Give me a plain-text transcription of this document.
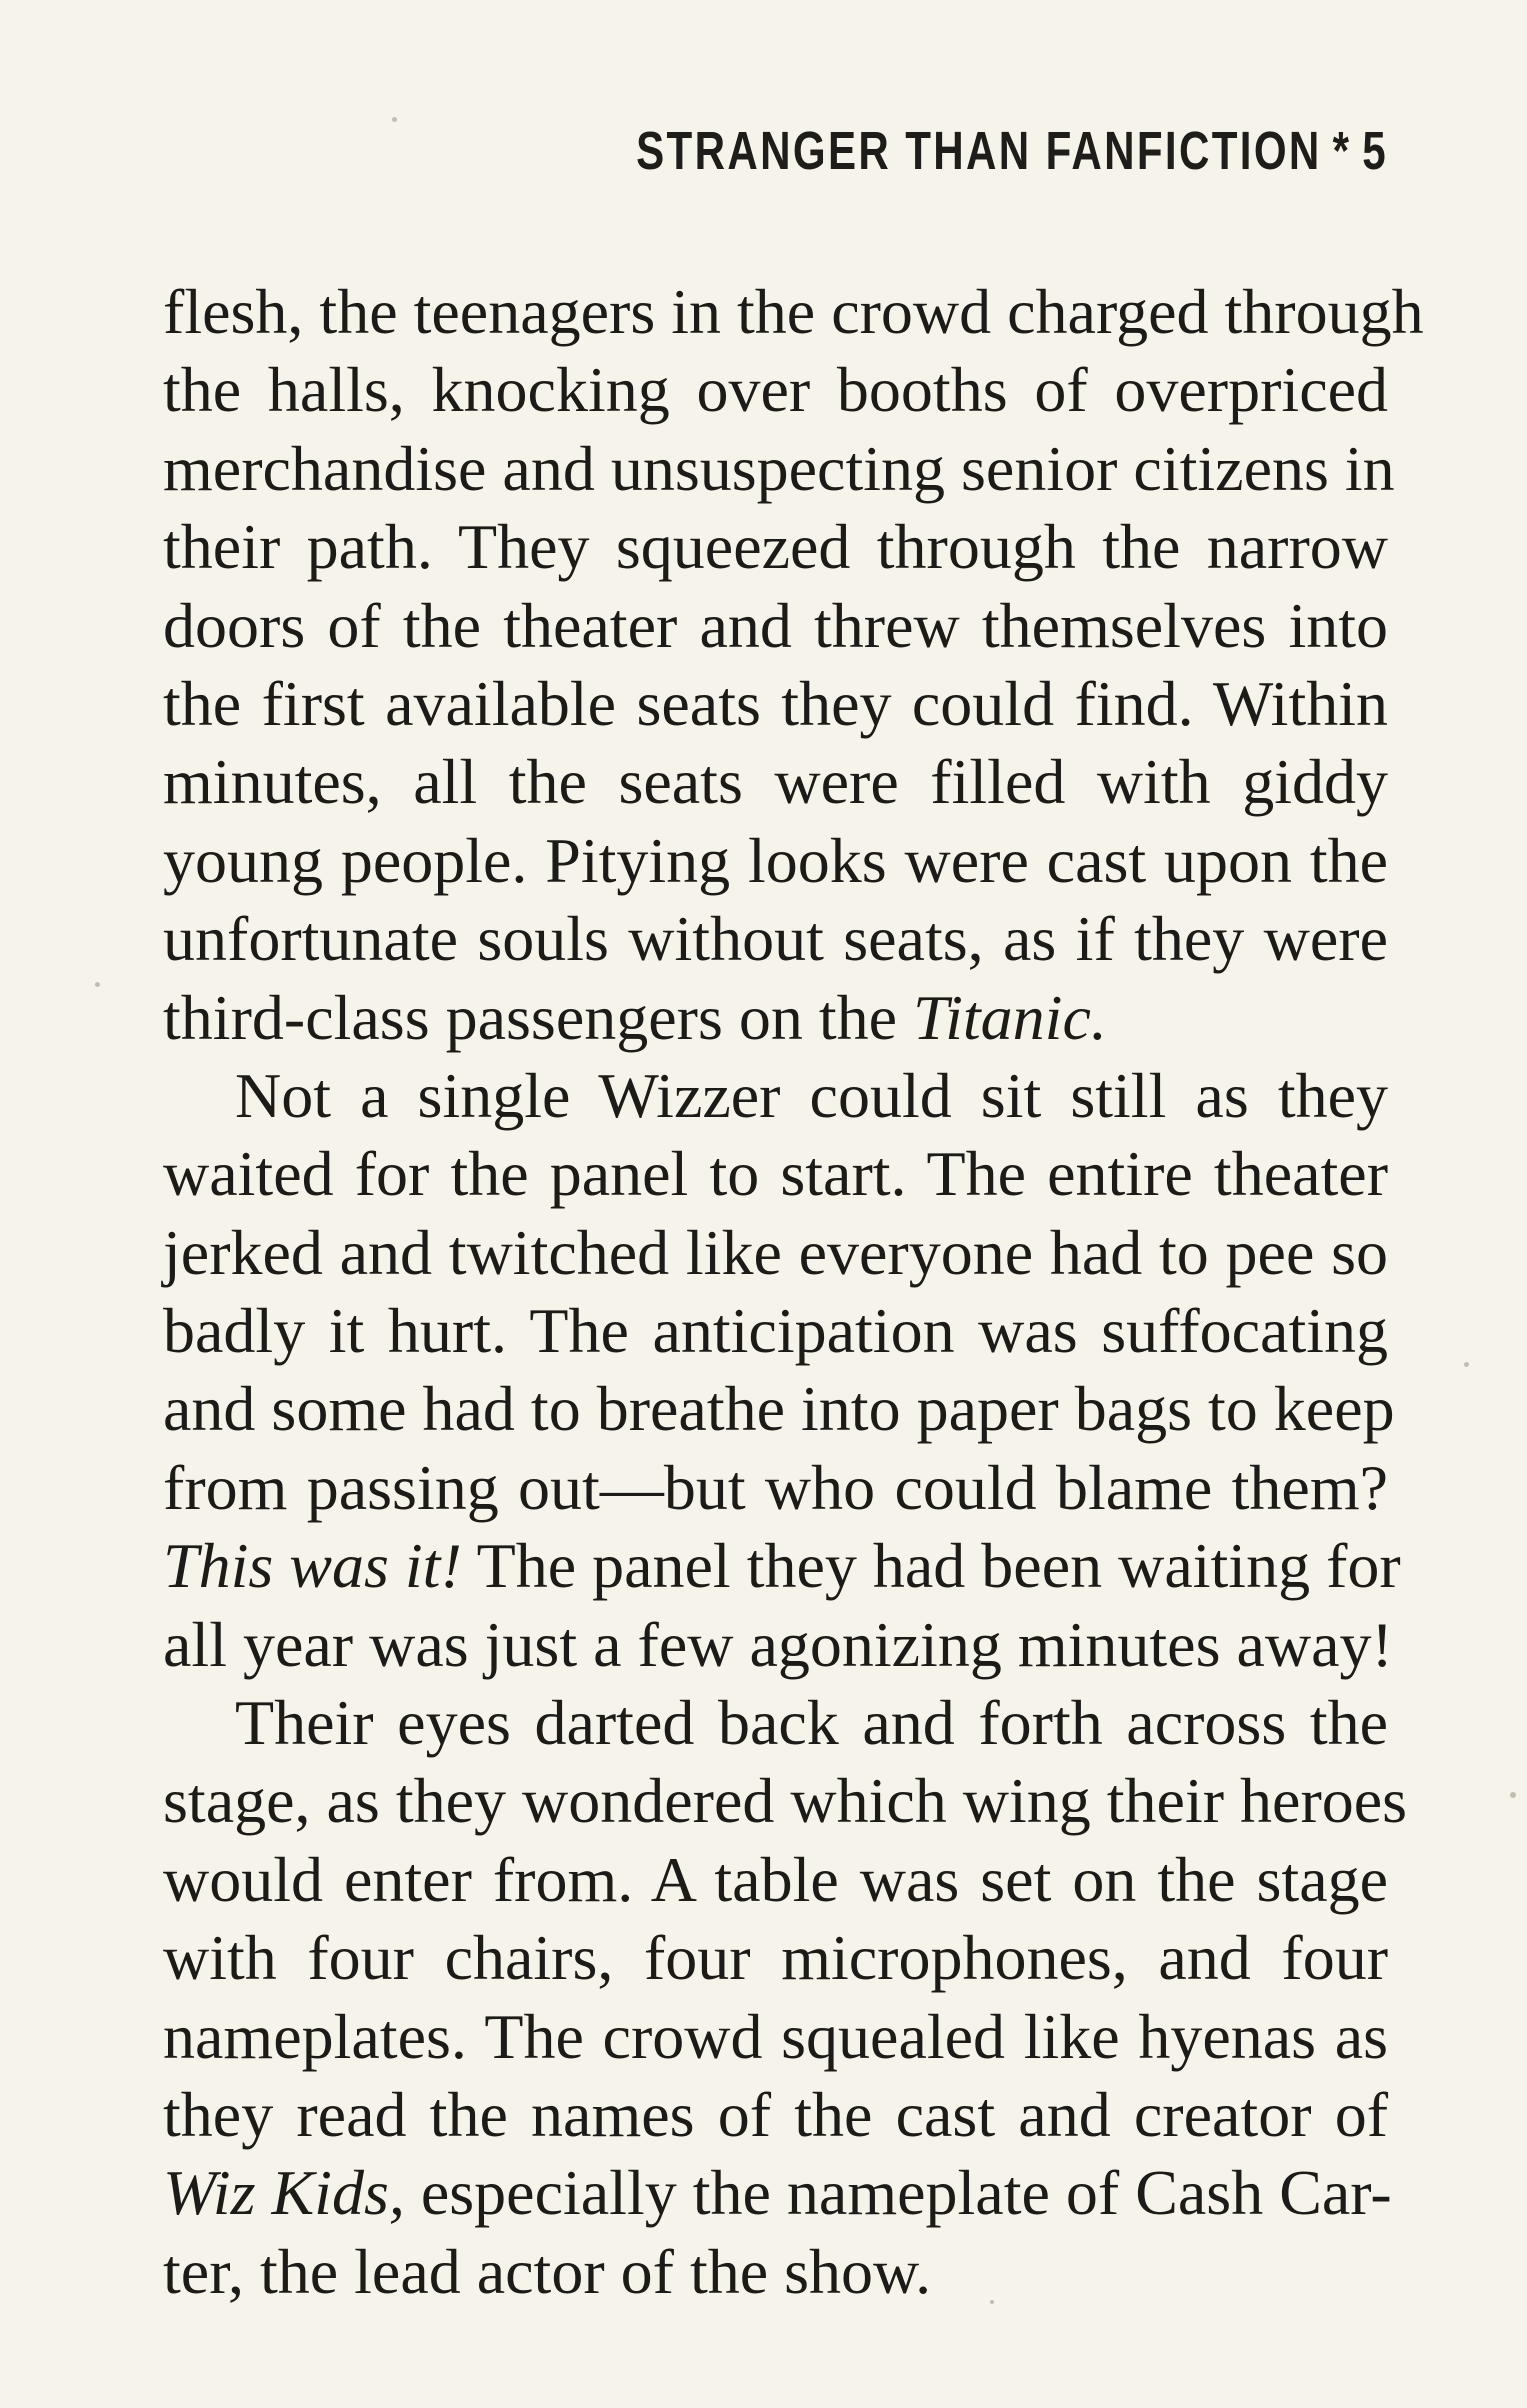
STRANGER THAN FANFICTION * 5
flesh, the teenagers in the crowd charged through
the halls, knocking over booths of overpriced
merchandise and unsuspecting senior citizens in
their path. They squeezed through the narrow
doors of the theater and threw themselves into
the first available seats they could find. Within
minutes, all the seats were filled with giddy
young people. Pitying looks were cast upon the
unfortunate souls without seats, as if they were
third-class passengers on the Titanic.
Not a single Wizzer could sit still as they
waited for the panel to start. The entire theater
jerked and twitched like everyone had to pee so
badly it hurt. The anticipation was suffocating
and some had to breathe into paper bags to keep
from passing out—but who could blame them?
This was it! The panel they had been waiting for
all year was just a few agonizing minutes away!
Their eyes darted back and forth across the
stage, as they wondered which wing their heroes
would enter from. A table was set on the stage
with four chairs, four microphones, and four
nameplates. The crowd squealed like hyenas as
they read the names of the cast and creator of
Wiz Kids, especially the nameplate of Cash Car-
ter, the lead actor of the show.
